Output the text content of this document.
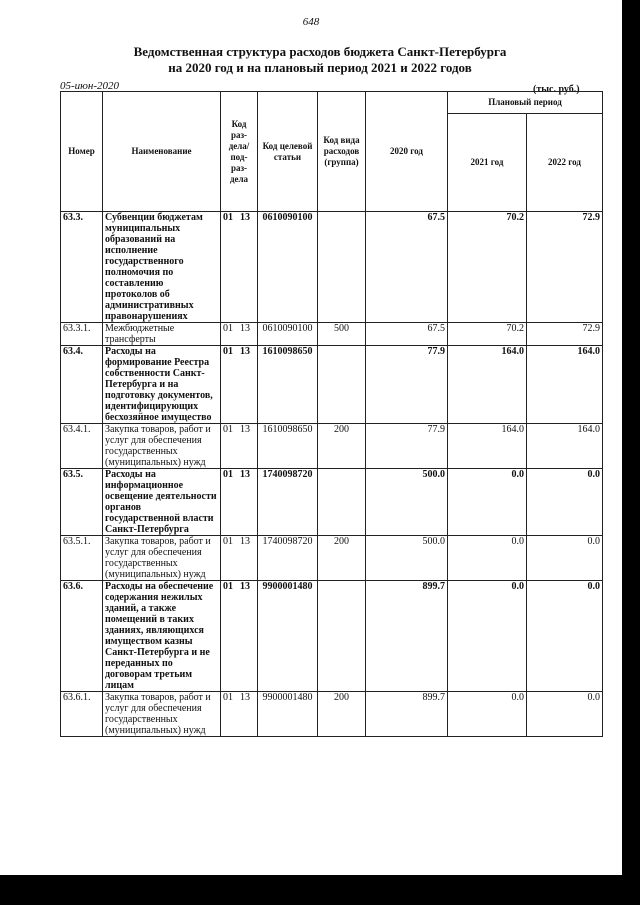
648
Ведомственная структура расходов бюджета Санкт-Петербурга
на 2020 год и на плановый период 2021 и 2022 годов
05-июн-2020	(тыс. руб.)
Номер	Наименование	Код раз- дела/ под- раз- дела	Код целевой статьи	Код вида расходов (группа)	2020 год	Плановый период	
						2021 год	2022 год
63.3.	Субвенции бюджетам муниципальных образований на исполнение государственного полномочия по составлению протоколов об административных правонарушениях	01 13	0610090100		67.5	70.2	72.9
63.3.1.	Межбюджетные трансферты	01 13	0610090100	500	67.5	70.2	72.9
63.4.	Расходы на формирование Реестра собственности Санкт-Петербурга и на подготовку документов, идентифицирующих бесхозяйное имущество	01 13	1610098650		77.9	164.0	164.0
63.4.1.	Закупка товаров, работ и услуг для обеспечения государственных (муниципальных) нужд	01 13	1610098650	200	77.9	164.0	164.0
63.5.	Расходы на информационное освещение деятельности органов государственной власти Санкт-Петербурга	01 13	1740098720		500.0	0.0	0.0
63.5.1.	Закупка товаров, работ и услуг для обеспечения государственных (муниципальных) нужд	01 13	1740098720	200	500.0	0.0	0.0
63.6.	Расходы на обеспечение содержания нежилых зданий, а также помещений в таких зданиях, являющихся имуществом казны Санкт-Петербурга и не переданных по договорам третьим лицам	01 13	9900001480		899.7	0.0	0.0
63.6.1.	Закупка товаров, работ и услуг для обеспечения государственных (муниципальных) нужд	01 13	9900001480	200	899.7	0.0	0.0
